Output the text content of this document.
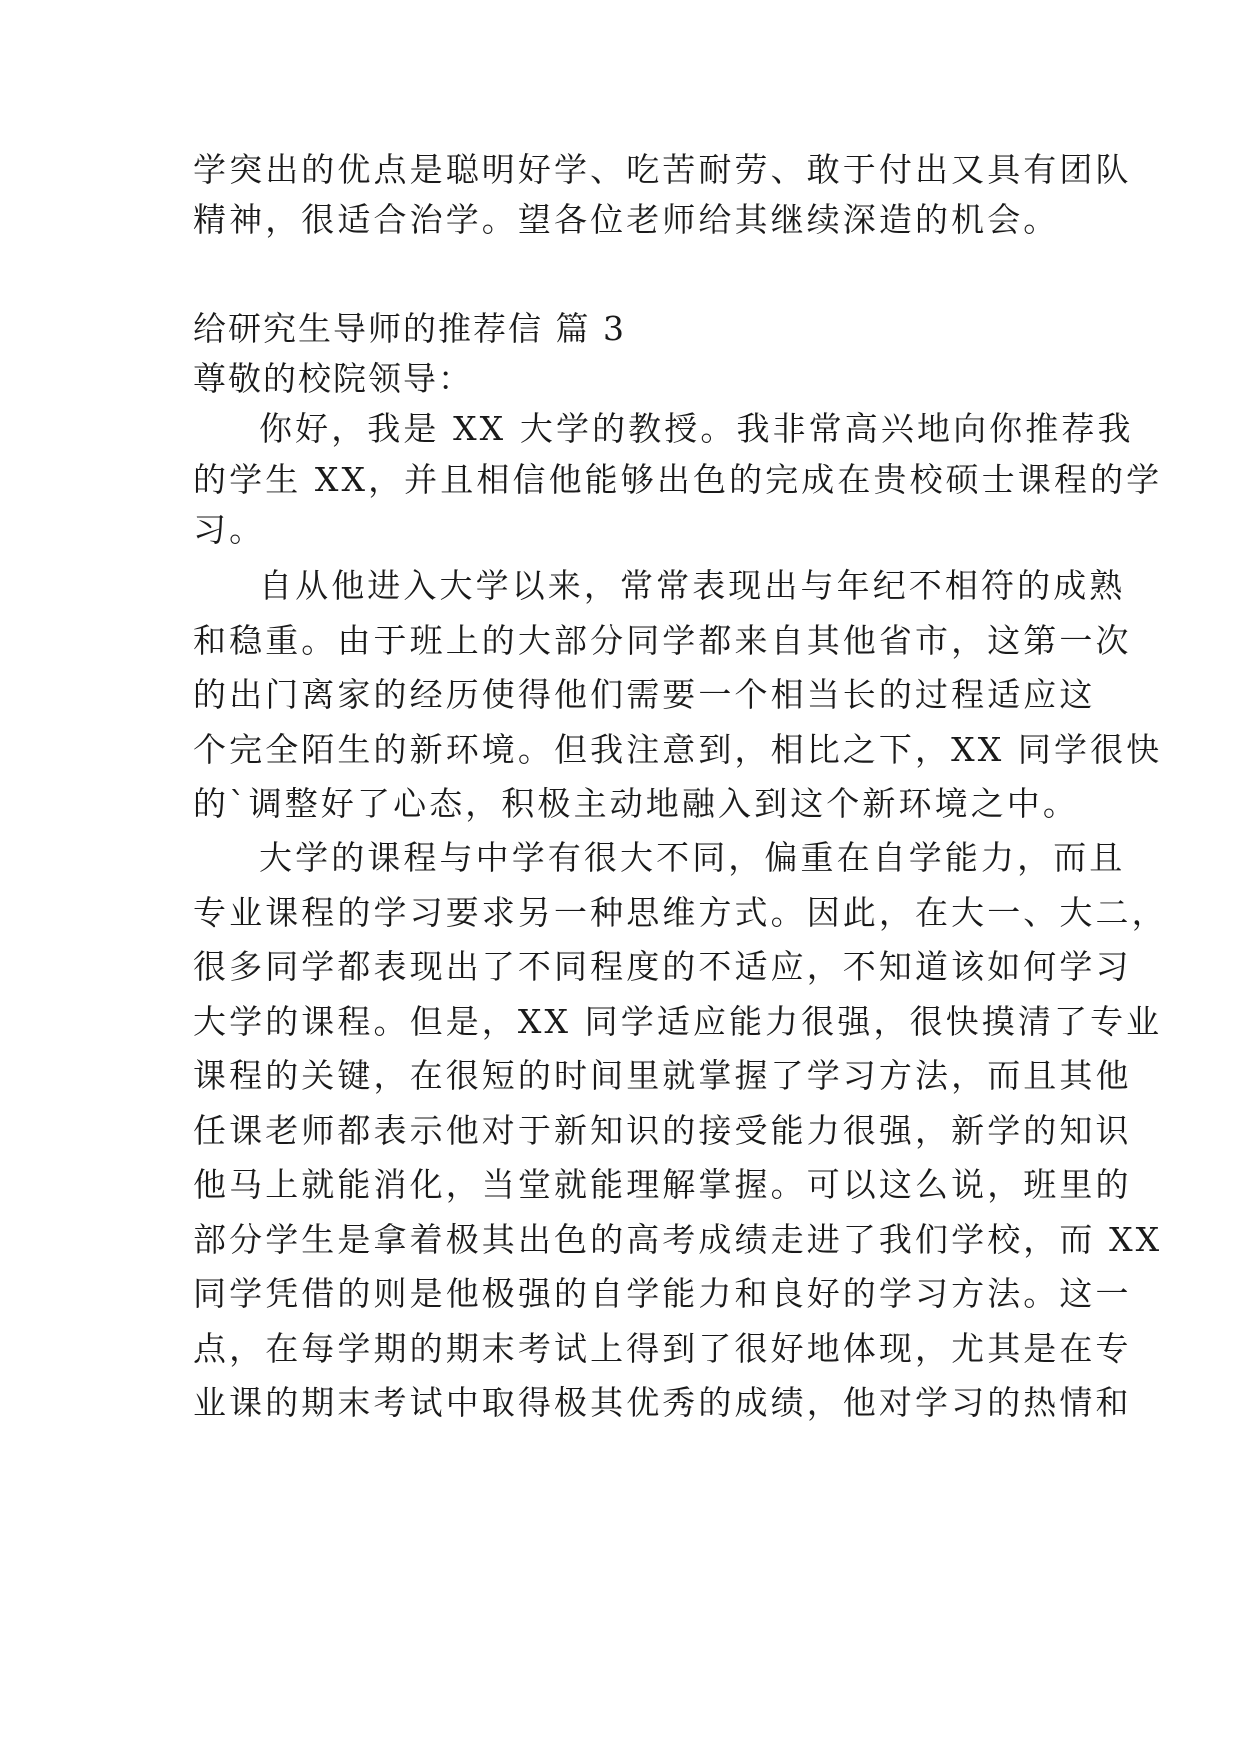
学突出的优点是聪明好学、吃苦耐劳、敢于付出又具有团队
精神，很适合治学。望各位老师给其继续深造的机会。
给研究生导师的推荐信 篇 3
尊敬的校院领导：
你好，我是 XX 大学的教授。我非常高兴地向你推荐我
的学生 XX，并且相信他能够出色的完成在贵校硕士课程的学
习。
自从他进入大学以来，常常表现出与年纪不相符的成熟
和稳重。由于班上的大部分同学都来自其他省市，这第一次
的出门离家的经历使得他们需要一个相当长的过程适应这
个完全陌生的新环境。但我注意到，相比之下，XX 同学很快
的`调整好了心态，积极主动地融入到这个新环境之中。
大学的课程与中学有很大不同，偏重在自学能力，而且
专业课程的学习要求另一种思维方式。因此，在大一、大二，
很多同学都表现出了不同程度的不适应，不知道该如何学习
大学的课程。但是，XX 同学适应能力很强，很快摸清了专业
课程的关键，在很短的时间里就掌握了学习方法，而且其他
任课老师都表示他对于新知识的接受能力很强，新学的知识
他马上就能消化，当堂就能理解掌握。可以这么说，班里的
部分学生是拿着极其出色的高考成绩走进了我们学校，而 XX
同学凭借的则是他极强的自学能力和良好的学习方法。这一
点，在每学期的期末考试上得到了很好地体现，尤其是在专
业课的期末考试中取得极其优秀的成绩，他对学习的热情和
